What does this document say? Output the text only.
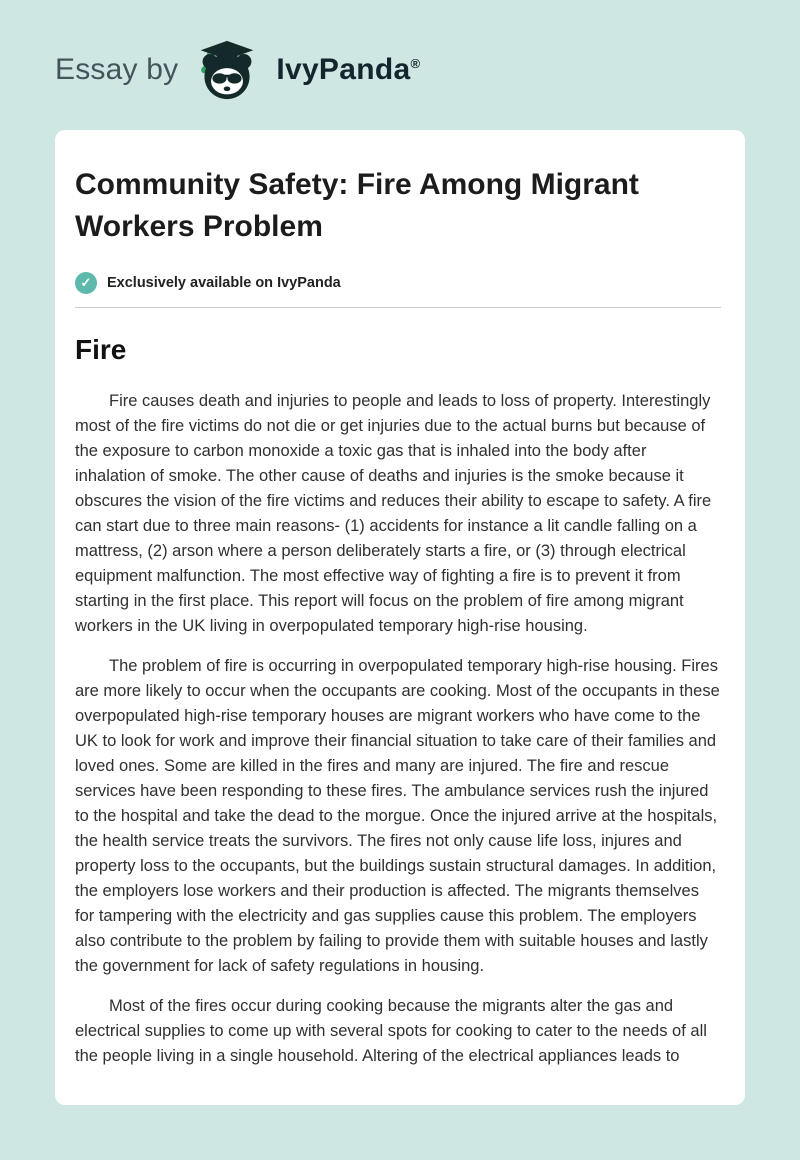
Essay by	IvyPanda®
Community Safety: Fire Among Migrant Workers Problem
✓	Exclusively available on IvyPanda
Fire

Fire causes death and injuries to people and leads to loss of property. Interestingly most of the fire victims do not die or get injuries due to the actual burns but because of the exposure to carbon monoxide a toxic gas that is inhaled into the body after inhalation of smoke. The other cause of deaths and injuries is the smoke because it obscures the vision of the fire victims and reduces their ability to escape to safety. A fire can start due to three main reasons- (1) accidents for instance a lit candle falling on a mattress, (2) arson where a person deliberately starts a fire, or (3) through electrical equipment malfunction. The most effective way of fighting a fire is to prevent it from starting in the first place. This report will focus on the problem of fire among migrant workers in the UK living in overpopulated temporary high-rise housing.

The problem of fire is occurring in overpopulated temporary high-rise housing. Fires are more likely to occur when the occupants are cooking. Most of the occupants in these overpopulated high-rise temporary houses are migrant workers who have come to the UK to look for work and improve their financial situation to take care of their families and loved ones. Some are killed in the fires and many are injured. The fire and rescue services have been responding to these fires. The ambulance services rush the injured to the hospital and take the dead to the morgue. Once the injured arrive at the hospitals, the health service treats the survivors. The fires not only cause life loss, injures and property loss to the occupants, but the buildings sustain structural damages. In addition, the employers lose workers and their production is affected. The migrants themselves for tampering with the electricity and gas supplies cause this problem. The employers also contribute to the problem by failing to provide them with suitable houses and lastly the government for lack of safety regulations in housing.

Most of the fires occur during cooking because the migrants alter the gas and electrical supplies to come up with several spots for cooking to cater to the needs of all the people living in a single household. Altering of the electrical appliances leads to
